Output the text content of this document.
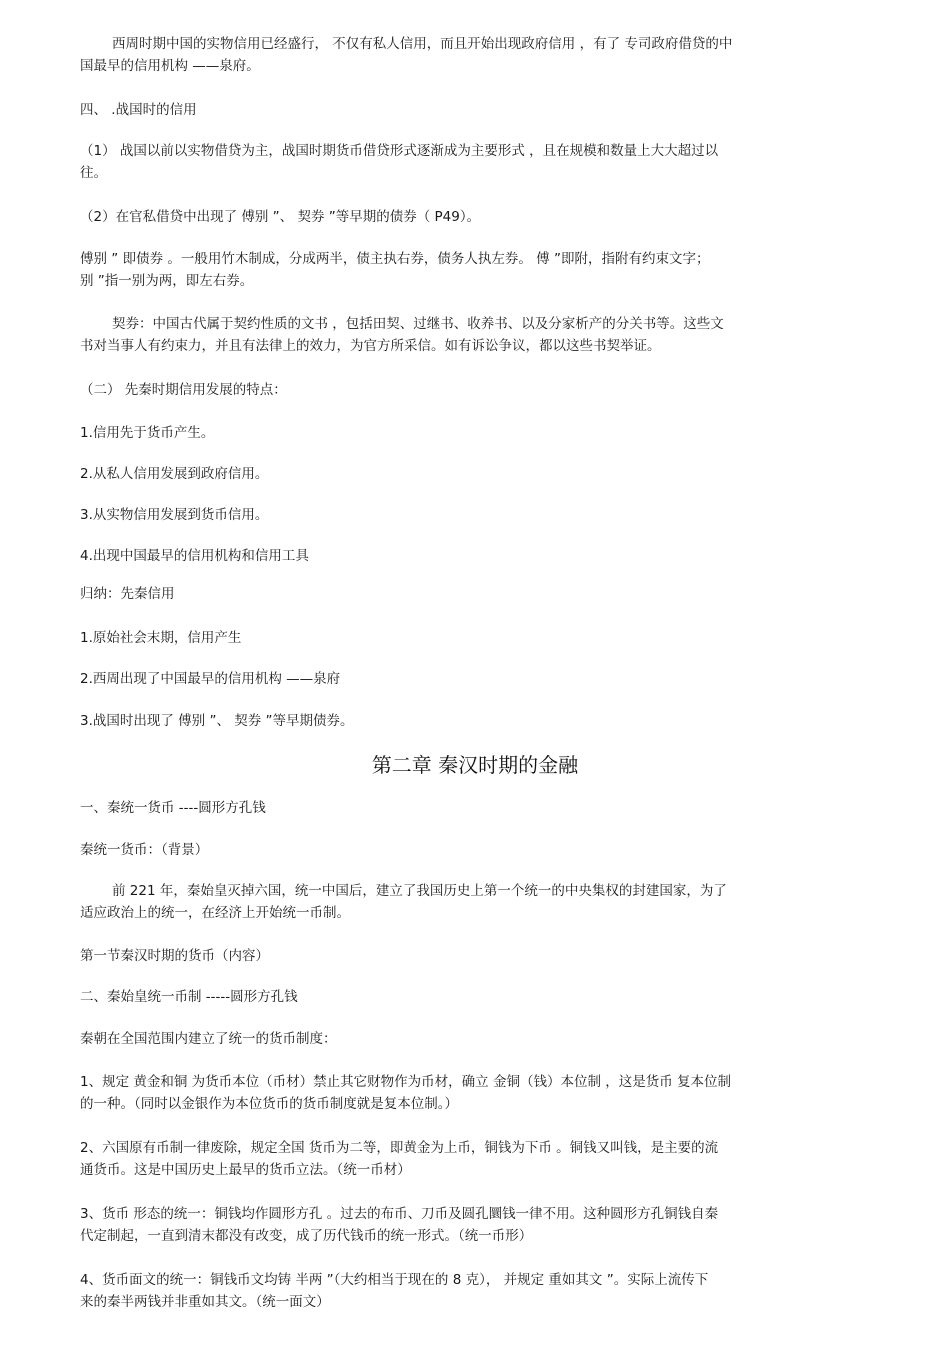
西周时期中国的实物信用已经盛行， 不仅有私人信用，而且开始出现政府信用 ，有了 专司政府借贷的中
国最早的信用机构 ——泉府。

四、 .战国时的信用

（1） 战国以前以实物借贷为主，战国时期货币借贷形式逐渐成为主要形式 ，且在规模和数量上大大超过以
往。

（2）在官私借贷中出现了 傅别 ”、 契券 ”等早期的债券（ P49）。

傅别 ” 即债券 。一般用竹木制成，分成两半，债主执右券，债务人执左券。 傅 ”即附，指附有约束文字；
别 ”指一别为两，即左右券。

契券：中国古代属于契约性质的文书 ，包括田契、过继书、收养书、以及分家析产的分关书等。这些文
书对当事人有约束力，并且有法律上的效力，为官方所采信。如有诉讼争议，都以这些书契举证。

（二） 先秦时期信用发展的特点：

1.信用先于货币产生。

2.从私人信用发展到政府信用。

3.从实物信用发展到货币信用。

4.出现中国最早的信用机构和信用工具

归纳：先秦信用

1.原始社会末期，信用产生

2.西周出现了中国最早的信用机构 ——泉府

3.战国时出现了 傅别 ”、 契券 ”等早期债券。

第二章 秦汉时期的金融

一、秦统一货币 ----圆形方孔钱

秦统一货币：（背景）

前 221 年，秦始皇灭掉六国，统一中国后，建立了我国历史上第一个统一的中央集权的封建国家，为了
适应政治上的统一，在经济上开始统一币制。

第一节秦汉时期的货币（内容）

二、秦始皇统一币制 -----圆形方孔钱

秦朝在全国范围内建立了统一的货币制度：

1、规定 黄金和铜 为货币本位（币材）禁止其它财物作为币材，确立 金铜（钱）本位制 ，这是货币 复本位制
的一种。（同时以金银作为本位货币的货币制度就是复本位制。）

2、六国原有币制一律废除，规定全国 货币为二等，即黄金为上币，铜钱为下币 。铜钱又叫钱，是主要的流
通货币。这是中国历史上最早的货币立法。（统一币材）

3、货币 形态的统一：铜钱均作圆形方孔 。过去的布币、刀币及圆孔圜钱一律不用。这种圆形方孔铜钱自秦
代定制起，一直到清末都没有改变，成了历代钱币的统一形式。（统一币形）

4、货币面文的统一：铜钱币文均铸 半两 ”（大约相当于现在的 8 克）， 并规定 重如其文 ”。实际上流传下
来的秦半两钱并非重如其文。（统一面文）
